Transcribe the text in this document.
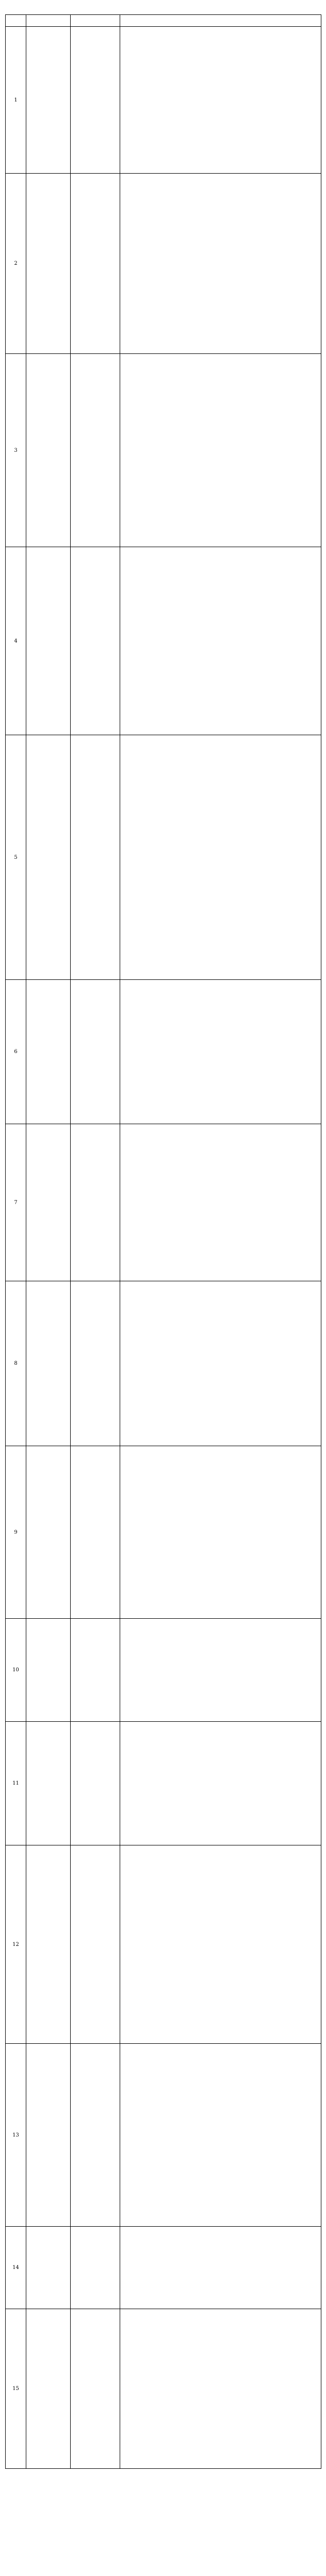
1			
2			
3			
4			
5			
6			
7			
8			
9			
10			
11			
12			
13			
14			
15			
